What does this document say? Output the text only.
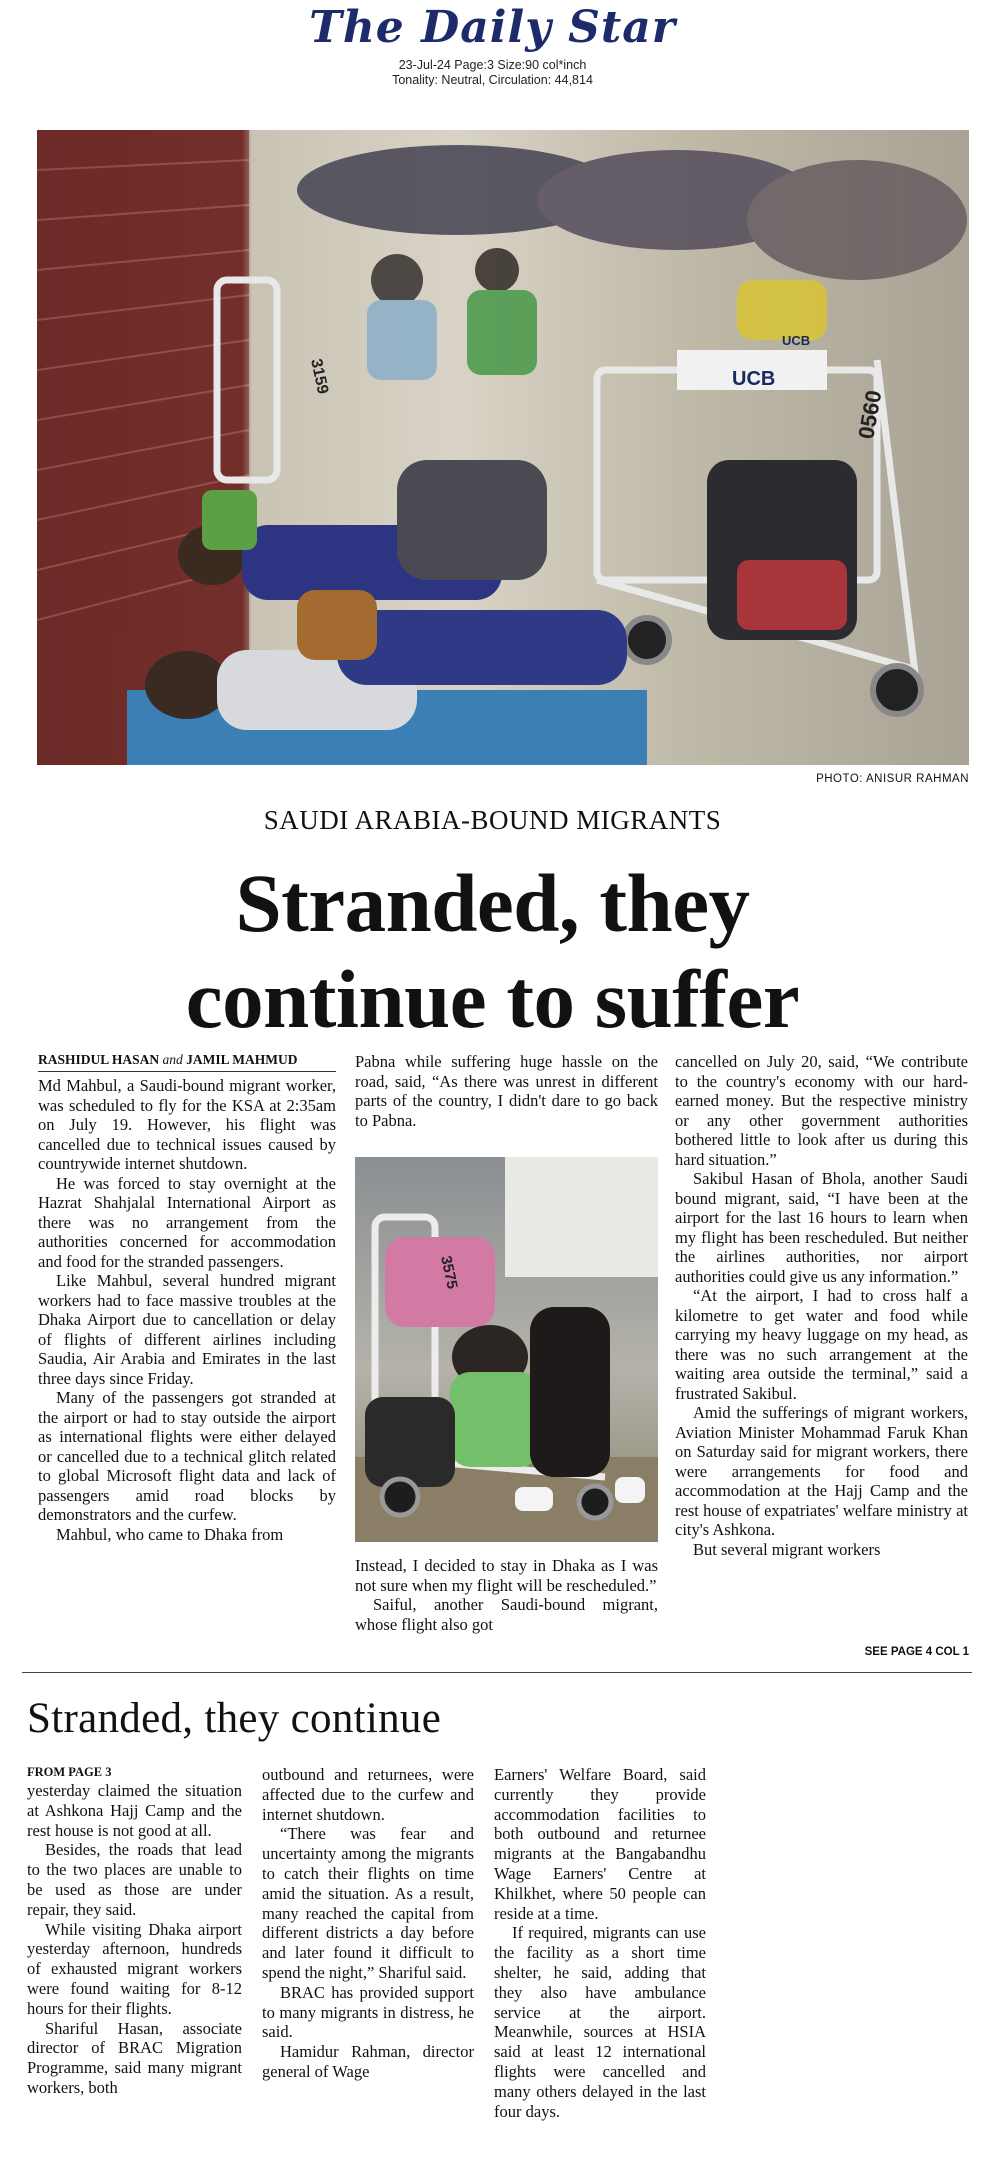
The Daily Star
23-Jul-24 Page:3 Size:90 col*inch
Tonality: Neutral, Circulation: 44,814
UCB
UCB
0560
3159
PHOTO: ANISUR RAHMAN
SAUDI ARABIA-BOUND MIGRANTS
Stranded, they
continue to suffer
RASHIDUL HASAN and JAMIL MAHMUD

Md Mahbul, a Saudi-bound migrant worker, was scheduled to fly for the KSA at 2:35am on July 19. However, his flight was cancelled due to technical issues caused by countrywide internet shutdown.

He was forced to stay overnight at the Hazrat Shahjalal International Airport as there was no arrangement from the authorities concerned for accommodation and food for the stranded passengers.

Like Mahbul, several hundred migrant workers had to face massive troubles at the Dhaka Airport due to cancellation or delay of flights of different airlines including Saudia, Air Arabia and Emirates in the last three days since Friday.

Many of the passengers got stranded at the airport or had to stay outside the airport as international flights were either delayed or cancelled due to a technical glitch related to global Microsoft flight data and lack of passengers amid road blocks by demonstrators and the curfew.

Mahbul, who came to Dhaka from

Pabna while suffering huge hassle on the road, said, “As there was unrest in different parts of the country, I didn't dare to go back to Pabna.

3575

Instead, I decided to stay in Dhaka as I was not sure when my flight will be rescheduled.”

Saiful, another Saudi-bound migrant, whose flight also got

cancelled on July 20, said, “We contribute to the country's economy with our hard-earned money. But the respective ministry or any other government authorities bothered little to look after us during this hard situation.”

Sakibul Hasan of Bhola, another Saudi bound migrant, said, “I have been at the airport for the last 16 hours to learn when my flight has been rescheduled. But neither the airlines authorities, nor airport authorities could give us any information.”

“At the airport, I had to cross half a kilometre to get water and food while carrying my heavy luggage on my head, as there was no such arrangement at the waiting area outside the terminal,” said a frustrated Sakibul.

Amid the sufferings of migrant workers, Aviation Minister Mohammad Faruk Khan on Saturday said for migrant workers, there were arrangements for food and accommodation at the Hajj Camp and the rest house of expatriates' welfare ministry at city's Ashkona.

But several migrant workers

SEE PAGE 4 COL 1
Stranded, they continue
FROM PAGE 3

yesterday claimed the situation at Ashkona Hajj Camp and the rest house is not good at all.

Besides, the roads that lead to the two places are unable to be used as those are under repair, they said.

While visiting Dhaka airport yesterday afternoon, hundreds of exhausted migrant workers were found waiting for 8-12 hours for their flights.

Shariful Hasan, associate director of BRAC Migration Programme, said many migrant workers, both

outbound and returnees, were affected due to the curfew and internet shutdown.

“There was fear and uncertainty among the migrants to catch their flights on time amid the situation. As a result, many reached the capital from different districts a day before and later found it difficult to spend the night,” Shariful said.

BRAC has provided support to many migrants in distress, he said.

Hamidur Rahman, director general of Wage

Earners' Welfare Board, said currently they provide accommodation facilities to both outbound and returnee migrants at the Bangabandhu Wage Earners' Centre at Khilkhet, where 50 people can reside at a time.

If required, migrants can use the facility as a short time shelter, he said, adding that they also have ambulance service at the airport. Meanwhile, sources at HSIA said at least 12 international flights were cancelled and many others delayed in the last four days.
